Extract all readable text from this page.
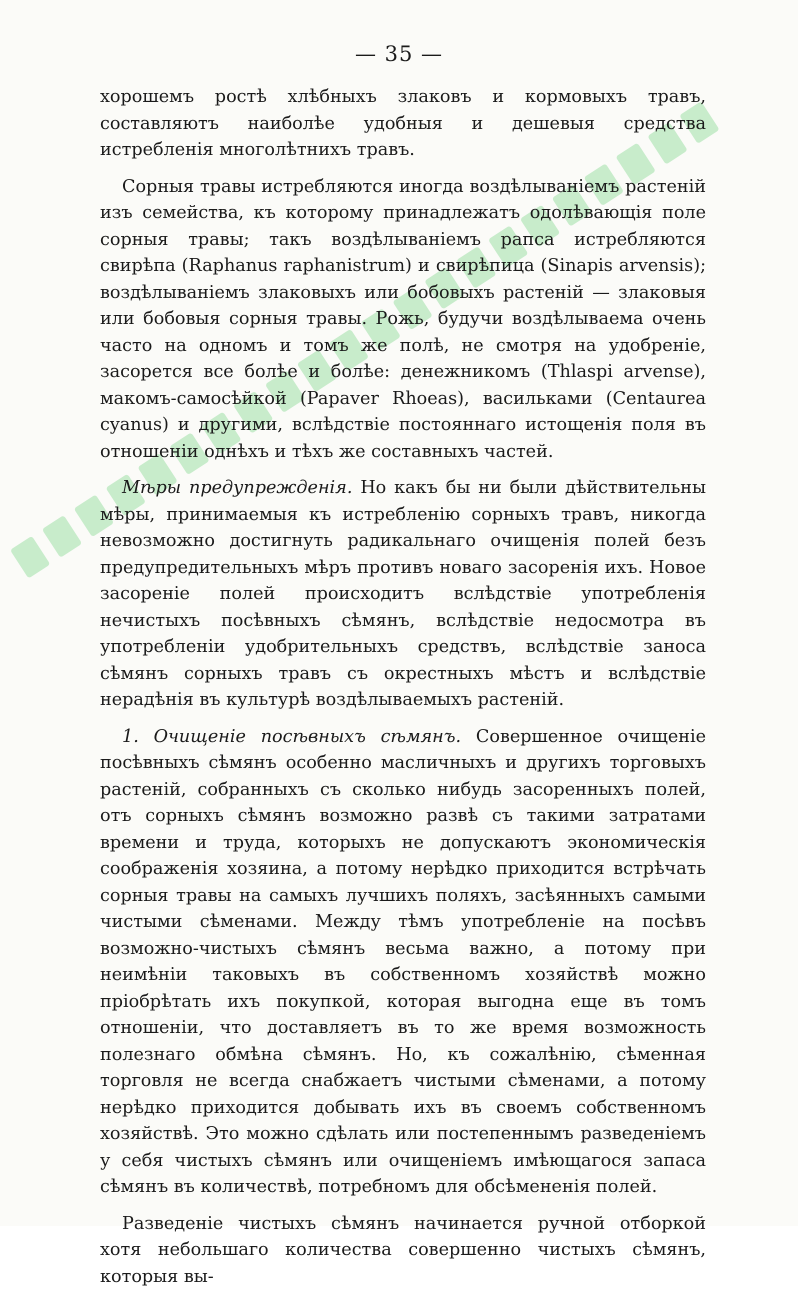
— 35 —

хорошемъ ростѣ хлѣбныхъ злаковъ и кормовыхъ травъ, составляютъ наиболѣе удобныя и дешевыя средства истребленія многолѣтнихъ травъ.

Сорныя травы истребляются иногда воздѣлываніемъ растеній изъ семейства, къ которому принадлежатъ одолѣвающія поле сорныя травы; такъ воздѣлываніемъ рапса истребляются свирѣпа (Raphanus raphanistrum) и свирѣпица (Sinapis arvensis); воздѣлываніемъ злаковыхъ или бобовыхъ растеній — злаковыя или бобовыя сорныя травы. Рожь, будучи воздѣлываема очень часто на одномъ и томъ же полѣ, не смотря на удобреніе, засорется все болѣе и болѣе: денежникомъ (Thlaspi arvense), макомъ-самосѣйкой (Papaver Rhoeas), васильками (Centaurea cyanus) и другими, вслѣдствіе постояннаго истощенія поля въ отношеніи однѣхъ и тѣхъ же составныхъ частей.

Мѣры предупрежденія. Но какъ бы ни были дѣйствительны мѣры, принимаемыя къ истребленію сорныхъ травъ, никогда невозможно достигнуть радикальнаго очищенія полей безъ предупредительныхъ мѣръ противъ новаго засоренія ихъ. Новое засореніе полей происходитъ вслѣдствіе употребленія нечистыхъ посѣвныхъ сѣмянъ, вслѣдствіе недосмотра въ употребленіи удобрительныхъ средствъ, вслѣдствіе заноса сѣмянъ сорныхъ травъ съ окрестныхъ мѣстъ и вслѣдствіе нерадѣнія въ культурѣ воздѣлываемыхъ растеній.

1. Очищеніе посѣвныхъ сѣмянъ. Совершенное очищеніе посѣвныхъ сѣмянъ особенно масличныхъ и другихъ торговыхъ растеній, собранныхъ съ сколько нибудь засоренныхъ полей, отъ сорныхъ сѣмянъ возможно развѣ съ такими затратами времени и труда, которыхъ не допускаютъ экономическія соображенія хозяина, а потому нерѣдко приходится встрѣчать сорныя травы на самыхъ лучшихъ поляхъ, засѣянныхъ самыми чистыми сѣменами. Между тѣмъ употребленіе на посѣвъ возможно-чистыхъ сѣмянъ весьма важно, а потому при неимѣніи таковыхъ въ собственномъ хозяйствѣ можно пріобрѣтать ихъ покупкой, которая выгодна еще въ томъ отношеніи, что доставляетъ въ то же время возможность полезнаго обмѣна сѣмянъ. Но, къ сожалѣнію, сѣменная торговля не всегда снабжаетъ чистыми сѣменами, а потому нерѣдко приходится добывать ихъ въ своемъ собственномъ хозяйствѣ. Это можно сдѣлать или постепеннымъ разведеніемъ у себя чистыхъ сѣмянъ или очищеніемъ имѣющагося запаса сѣмянъ въ количествѣ, потребномъ для обсѣмененія полей.

Разведеніе чистыхъ сѣмянъ начинается ручной отборкой хотя небольшаго количества совершенно чистыхъ сѣмянъ, которыя вы-
